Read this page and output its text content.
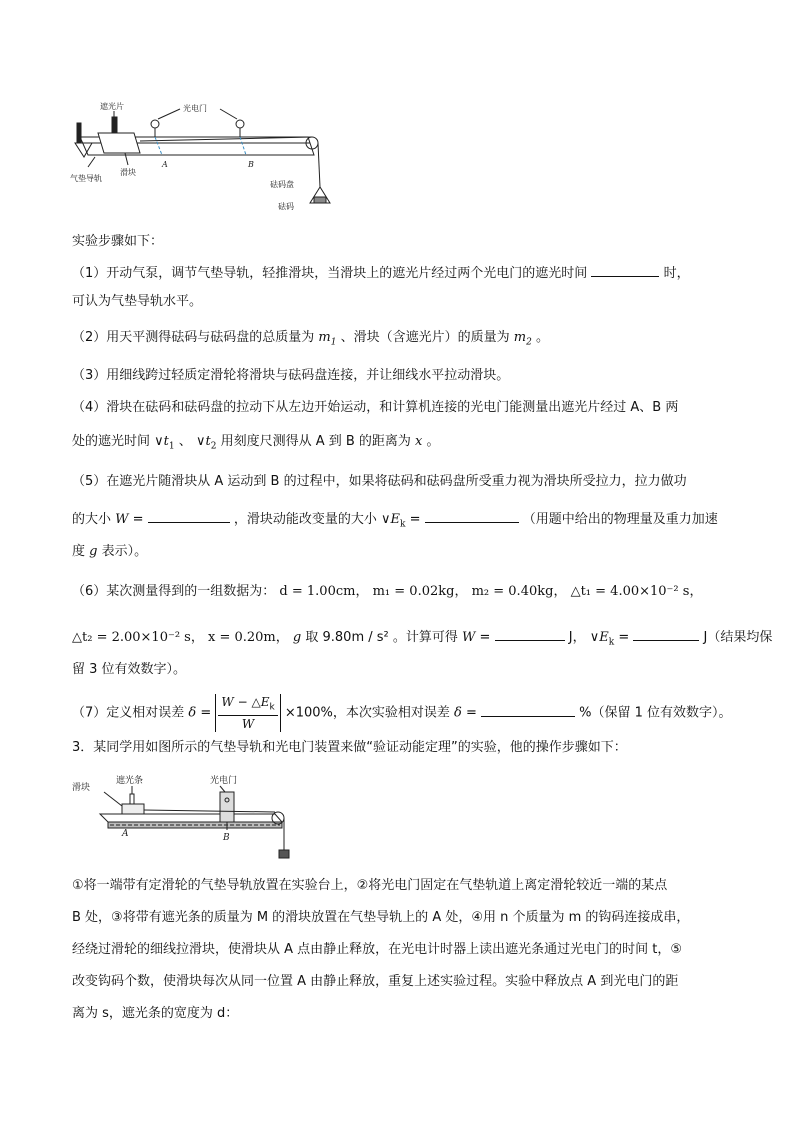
遮光片	光电门
滑块
气垫导轨
A	B
砝码盘
砝码
实验步骤如下：
（1）开动气泵，调节气垫导轨，轻推滑块，当滑块上的遮光片经过两个光电门的遮光时间	时，
可认为气垫导轨水平。
（2）用天平测得砝码与砝码盘的总质量为 $m_1$ 、滑块（含遮光片）的质量为 $m_2$ 。
（3）用细线跨过轻质定滑轮将滑块与砝码盘连接，并让细线水平拉动滑块。
（4）滑块在砝码和砝码盘的拉动下从左边开始运动，和计算机连接的光电门能测量出遮光片经过 A、B 两
处的遮光时间 $\vee t_1$ 、 $\vee t_2$ 用刻度尺测得从 A 到 B 的距离为 x 。
（5）在遮光片随滑块从 A 运动到 B 的过程中，如果将砝码和砝码盘所受重力视为滑块所受拉力，拉力做功
的大小 W =	，滑块动能改变量的大小 $\vee E_k$ =	（用题中给出的物理量及重力加速
度 g 表示）。
（6）某次测量得到的一组数据为： d = 1.00cm， m₁ = 0.02kg， m₂ = 0.40kg， △t₁ = 4.00×10⁻² s，
△t₂ = 2.00×10⁻² s， x = 0.20m， g 取 9.80m / s² 。计算可得 W =	J， $\vee E_k$ =	J（结果均保
留 3 位有效数字）。
（7）定义相对误差 $\delta = \frac{W - \triangle E_k}{W} \times 100\%$，本次实验相对误差 δ =	%（保留 1 位有效数字）。
3．某同学用如图所示的气垫导轨和光电门装置来做“验证动能定理”的实验，他的操作步骤如下：
滑块
遮光条	光电门
A	B
①将一端带有定滑轮的气垫导轨放置在实验台上，②将光电门固定在气垫轨道上离定滑轮较近一端的某点
B 处，③将带有遮光条的质量为 M 的滑块放置在气垫导轨上的 A 处，④用 n 个质量为 m 的钩码连接成串，
经绕过滑轮的细线拉滑块，使滑块从 A 点由静止释放，在光电计时器上读出遮光条通过光电门的时间 t，⑤
改变钩码个数，使滑块每次从同一位置 A 由静止释放，重复上述实验过程。实验中释放点 A 到光电门的距
离为 s，遮光条的宽度为 d：
